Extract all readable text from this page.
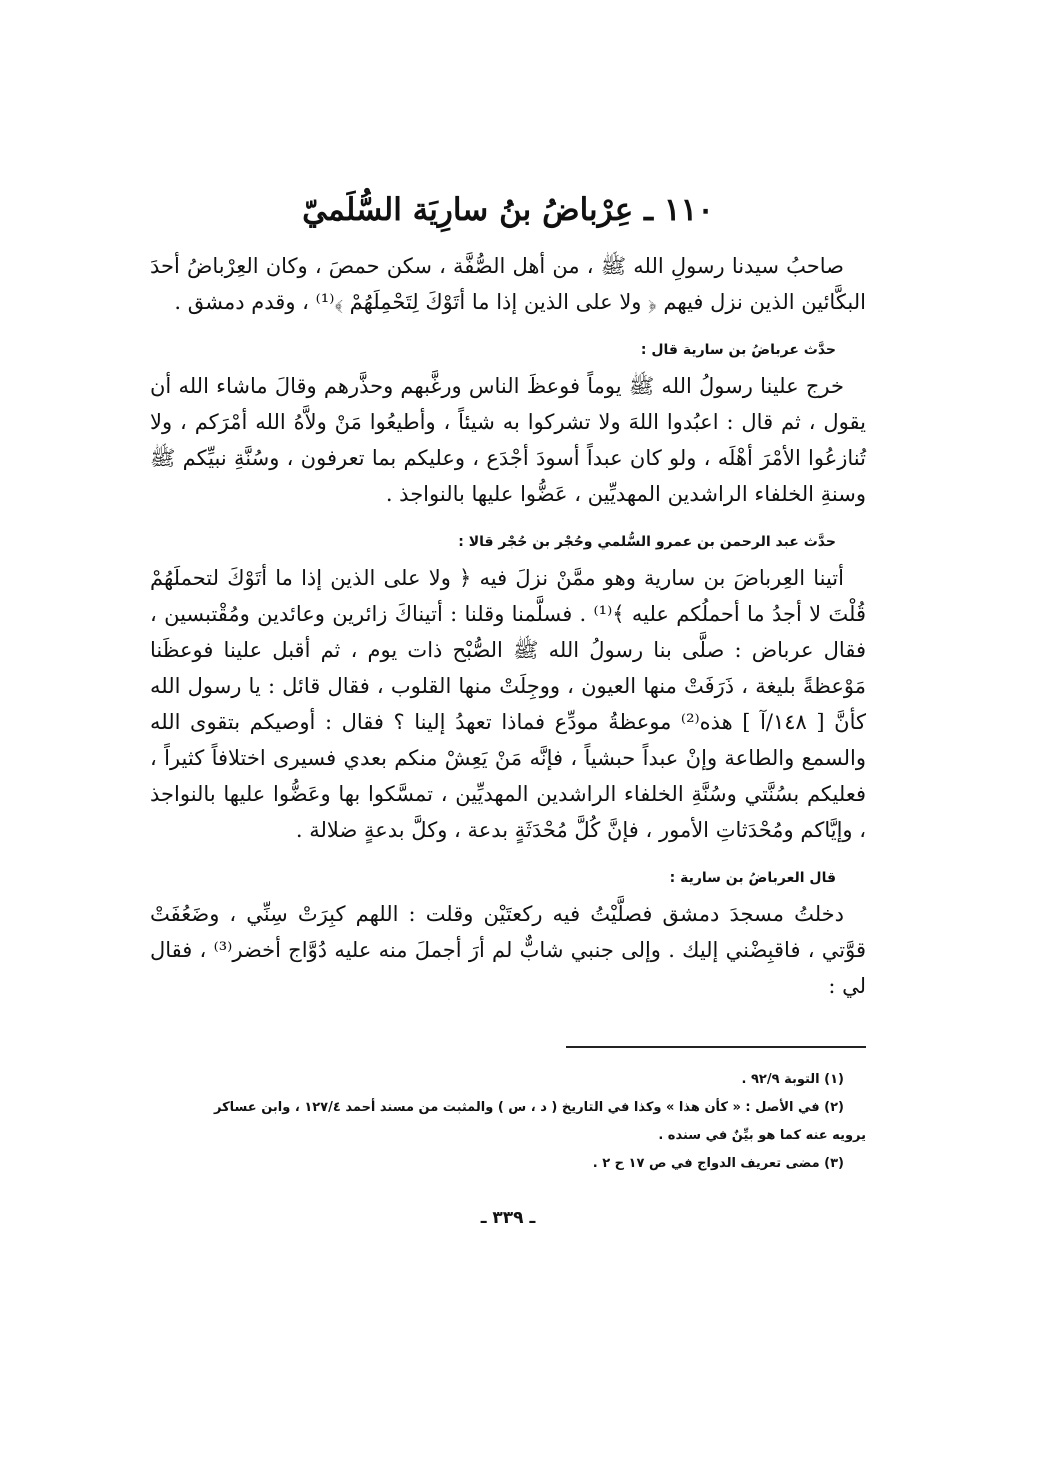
١١٠ ـ عِرْباضُ بنُ سارِيَة السُّلَميّ

صاحبُ سيدنا رسولِ الله ﷺ ، من أهل الصُّفَّة ، سكن حمصَ ، وكان العِرْباضُ أحدَ البكَّائين الذين نزل فيهم ﴿ ولا على الذين إذا ما أتَوْكَ لِتَحْمِلَهُمْ ﴾⁽¹⁾ ، وقدم دمشق .

حدَّث عرباضُ بن سارية قال :

خرج علينا رسولُ الله ﷺ يوماً فوعظَ الناس ورغَّبهم وحذَّرهم وقالَ ماشاء الله أن يقول ، ثم قال : اعبُدوا اللهَ ولا تشركوا به شيئاً ، وأطيعُوا مَنْ ولاَّهُ الله أمْرَكم ، ولا تُنازعُوا الأمْرَ أهْلَه ، ولو كان عبداً أسودَ أجْدَع ، وعليكم بما تعرفون ، وسُنَّةِ نبيِّكم ﷺ وسنةِ الخلفاء الراشدين المهديِّين ، عَضُّوا عليها بالنواجذ .

حدَّث عبد الرحمن بن عمرو السُّلمي وحُجْر بن حُجْر قالا :

أتينا العِرباضَ بن سارية وهو ممَّنْ نزلَ فيه ﴿ ولا على الذين إذا ما أتَوْكَ لتحملَهُمْ قُلْتَ لا أجدُ ما أحملُكم عليه ﴾⁽¹⁾ . فسلَّمنا وقلنا : أتيناكَ زائرين وعائدين ومُقْتبسين ، فقال عرباض : صلَّى بنا رسولُ الله ﷺ الصُّبْح ذات يوم ، ثم أقبل علينا فوعظَنا مَوْعظةً بليغة ، ذَرَفَتْ منها العيون ، ووجِلَتْ منها القلوب ، فقال قائل : يا رسول الله كأنَّ [ ١٤٨/آ ] هذه⁽²⁾ موعظةُ مودِّع فماذا تعهدُ إلينا ؟ فقال : أوصيكم بتقوى الله والسمع والطاعة وإنْ عبداً حبشياً ، فإنَّه مَنْ يَعِشْ منكم بعدي فسيرى اختلافاً كثيراً ، فعليكم بسُنَّتي وسُنَّةِ الخلفاء الراشدين المهديِّين ، تمسَّكوا بها وعَضُّوا عليها بالنواجذ ، وإيَّاكم ومُحْدَثاتِ الأمور ، فإنَّ كُلَّ مُحْدَثَةٍ بدعة ، وكلَّ بدعةٍ ضلالة .

قال العرباضُ بن سارية :

دخلتُ مسجدَ دمشق فصلَّيْتُ فيه ركعتَيْن وقلت : اللهم كبِرَتْ سِنِّي ، وضَعُفَتْ قوَّتي ، فاقبِضْني إليك . وإلى جنبي شابٌّ لم أرَ أجملَ منه عليه دُوَّاج أخضر⁽³⁾ ، فقال لي :

(١) التوبة ٩٢/٩ .
(٢) في الأصل : « كأن هذا » وكذا في التاريخ ( د ، س ) والمثبت من مسند أحمد ١٢٧/٤ ، وابن عساكر
يرويه عنه كما هو بيِّنٌ في سنده .
(٣) مضى تعريف الدواج في ص ١٧ ح ٢ .
ـ ٣٣٩ ـ
